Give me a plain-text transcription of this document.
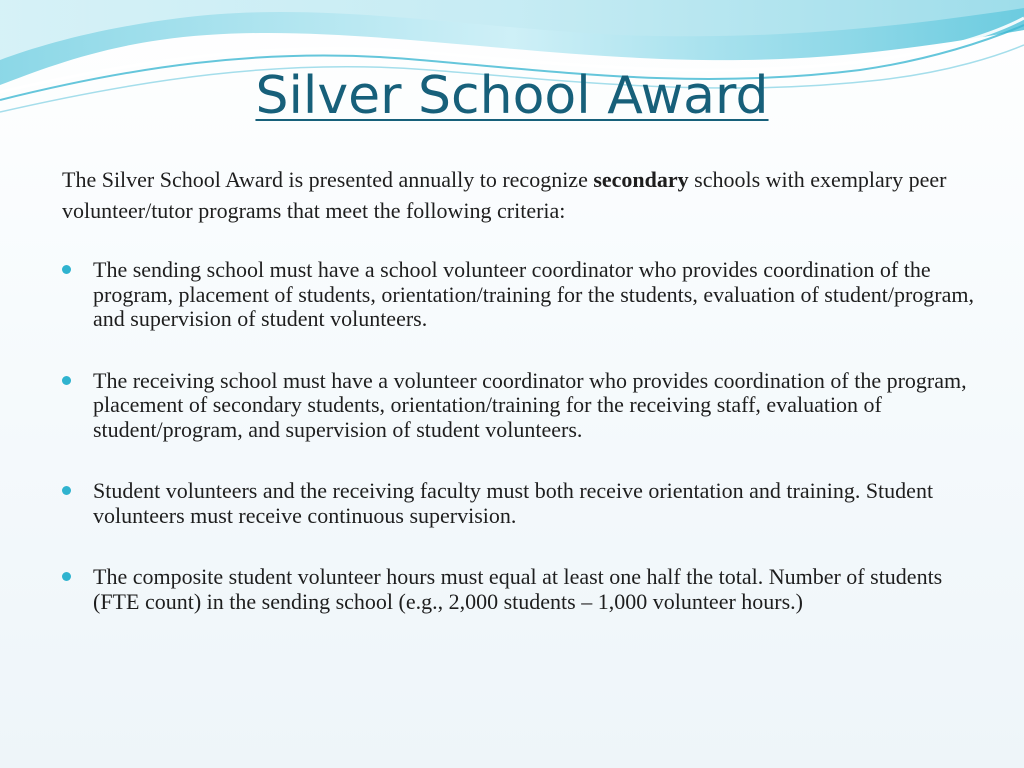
Silver School Award

The Silver School Award is presented annually to recognize secondary schools with exemplary peer volunteer/tutor programs that meet the following criteria:

The sending school must have a school volunteer coordinator who provides coordination of the program, placement of students, orientation/training for the students, evaluation of student/program, and supervision of student volunteers.
The receiving school must have a volunteer coordinator who provides coordination of the program, placement of secondary students, orientation/training for the receiving staff, evaluation of student/program, and supervision of student volunteers.
Student volunteers and the receiving faculty must both receive orientation and training. Student volunteers must receive continuous supervision.
The composite student volunteer hours must equal at least one half the total. Number of students (FTE count) in the sending school (e.g., 2,000 students – 1,000 volunteer hours.)
